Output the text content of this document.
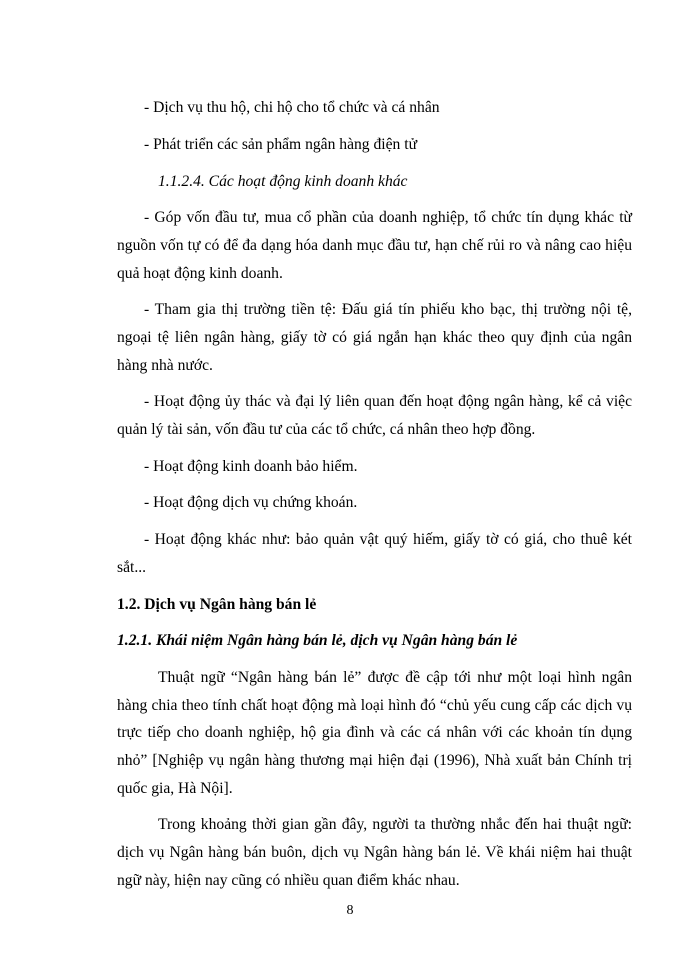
- Dịch vụ thu hộ, chi hộ cho tổ chức và cá nhân

- Phát triển các sản phẩm ngân hàng điện tử

1.1.2.4. Các hoạt động kinh doanh khác

- Góp vốn đầu tư, mua cổ phần của doanh nghiệp, tổ chức tín dụng khác từ nguồn vốn tự có để đa dạng hóa danh mục đầu tư, hạn chế rủi ro và nâng cao hiệu quả hoạt động kinh doanh.

- Tham gia thị trường tiền tệ: Đấu giá tín phiếu kho bạc, thị trường nội tệ, ngoại tệ liên ngân hàng, giấy tờ có giá ngắn hạn khác theo quy định của ngân hàng nhà nước.

- Hoạt động ủy thác và đại lý liên quan đến hoạt động ngân hàng, kể cả việc quản lý tài sản, vốn đầu tư của các tổ chức, cá nhân theo hợp đồng.

- Hoạt động kinh doanh bảo hiểm.

- Hoạt động dịch vụ chứng khoán.

- Hoạt động khác như: bảo quản vật quý hiếm, giấy tờ có giá, cho thuê két sắt...

1.2. Dịch vụ Ngân hàng bán lẻ

1.2.1. Khái niệm Ngân hàng bán lẻ, dịch vụ Ngân hàng bán lẻ

Thuật ngữ “Ngân hàng bán lẻ” được đề cập tới như một loại hình ngân hàng chia theo tính chất hoạt động mà loại hình đó “chủ yếu cung cấp các dịch vụ trực tiếp cho doanh nghiệp, hộ gia đình và các cá nhân với các khoản tín dụng nhỏ” [Nghiệp vụ ngân hàng thương mại hiện đại (1996), Nhà xuất bản Chính trị quốc gia, Hà Nội].

Trong khoảng thời gian gần đây, người ta thường nhắc đến hai thuật ngữ: dịch vụ Ngân hàng bán buôn, dịch vụ Ngân hàng bán lẻ. Về khái niệm hai thuật ngữ này, hiện nay cũng có nhiều quan điểm khác nhau.

8
